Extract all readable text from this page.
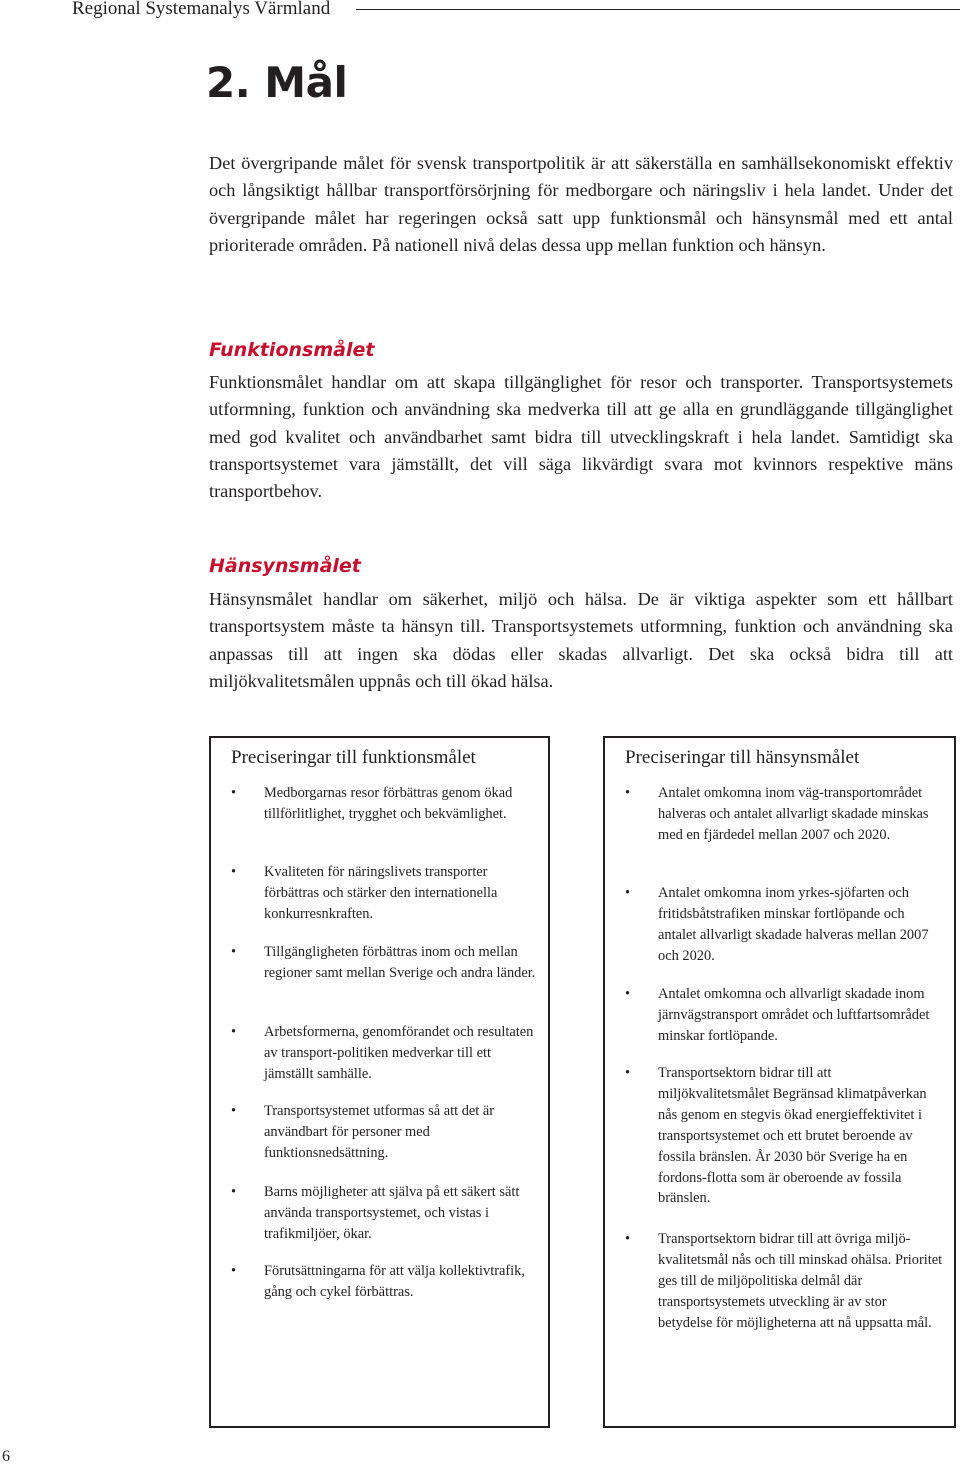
Regional Systemanalys Värmland
2. Mål

Det övergripande målet för svensk transportpolitik är att säkerställa en samhällsekonomiskt effektiv och långsiktigt hållbar transportförsörjning för medborgare och näringsliv i hela landet. Under det övergripande målet har regeringen också satt upp funktionsmål och hänsynsmål med ett antal prioriterade områden. På nationell nivå delas dessa upp mellan funktion och hänsyn.

Funktionsmålet

Funktionsmålet handlar om att skapa tillgänglighet för resor och transporter. Transportsystemets utformning, funktion och användning ska medverka till att ge alla en grundläggande tillgänglighet med god kvalitet och användbarhet samt bidra till utvecklingskraft i hela landet. Samtidigt ska transportsystemet vara jämställt, det vill säga likvärdigt svara mot kvinnors respektive mäns transportbehov.

Hänsynsmålet

Hänsynsmålet handlar om säkerhet, miljö och hälsa. De är viktiga aspekter som ett hållbart transportsystem måste ta hänsyn till. Transportsystemets utformning, funktion och användning ska anpassas till att ingen ska dödas eller skadas allvarligt. Det ska också bidra till att miljökvalitetsmålen uppnås och till ökad hälsa.

Preciseringar till funktionsmålet
• Medborgarnas resor förbättras genom ökad tillförlitlighet, trygghet och bekvämlighet.
• Kvaliteten för näringslivets transporter förbättras och stärker den internationella konkurresnkraften.
• Tillgängligheten förbättras inom och mellan regioner samt mellan Sverige och andra länder.
• Arbetsformerna, genomförandet och resultaten av transport-politiken medverkar till ett jämställt samhälle.
• Transportsystemet utformas så att det är användbart för personer med funktionsnedsättning.
• Barns möjligheter att själva på ett säkert sätt använda transportsystemet, och vistas i trafikmiljöer, ökar.
• Förutsättningarna för att välja kollektivtrafik, gång och cykel förbättras.
Preciseringar till hänsynsmålet
• Antalet omkomna inom väg-transportområdet halveras och antalet allvarligt skadade minskas med en fjärdedel mellan 2007 och 2020.
• Antalet omkomna inom yrkes-sjöfarten och fritidsbåtstrafiken minskar fortlöpande och antalet allvarligt skadade halveras mellan 2007 och 2020.
• Antalet omkomna och allvarligt skadade inom järnvägstransport området och luftfartsområdet minskar fortlöpande.
• Transportsektorn bidrar till att miljökvalitetsmålet Begränsad klimatpåverkan nås genom en stegvis ökad energieffektivitet i transportsystemet och ett brutet beroende av fossila bränslen. År 2030 bör Sverige ha en fordons-flotta som är oberoende av fossila bränslen.
• Transportsektorn bidrar till att övriga miljö-kvalitetsmål nås och till minskad ohälsa. Prioritet ges till de miljöpolitiska delmål där transportsystemets utveckling är av stor betydelse för möjligheterna att nå uppsatta mål.
6
